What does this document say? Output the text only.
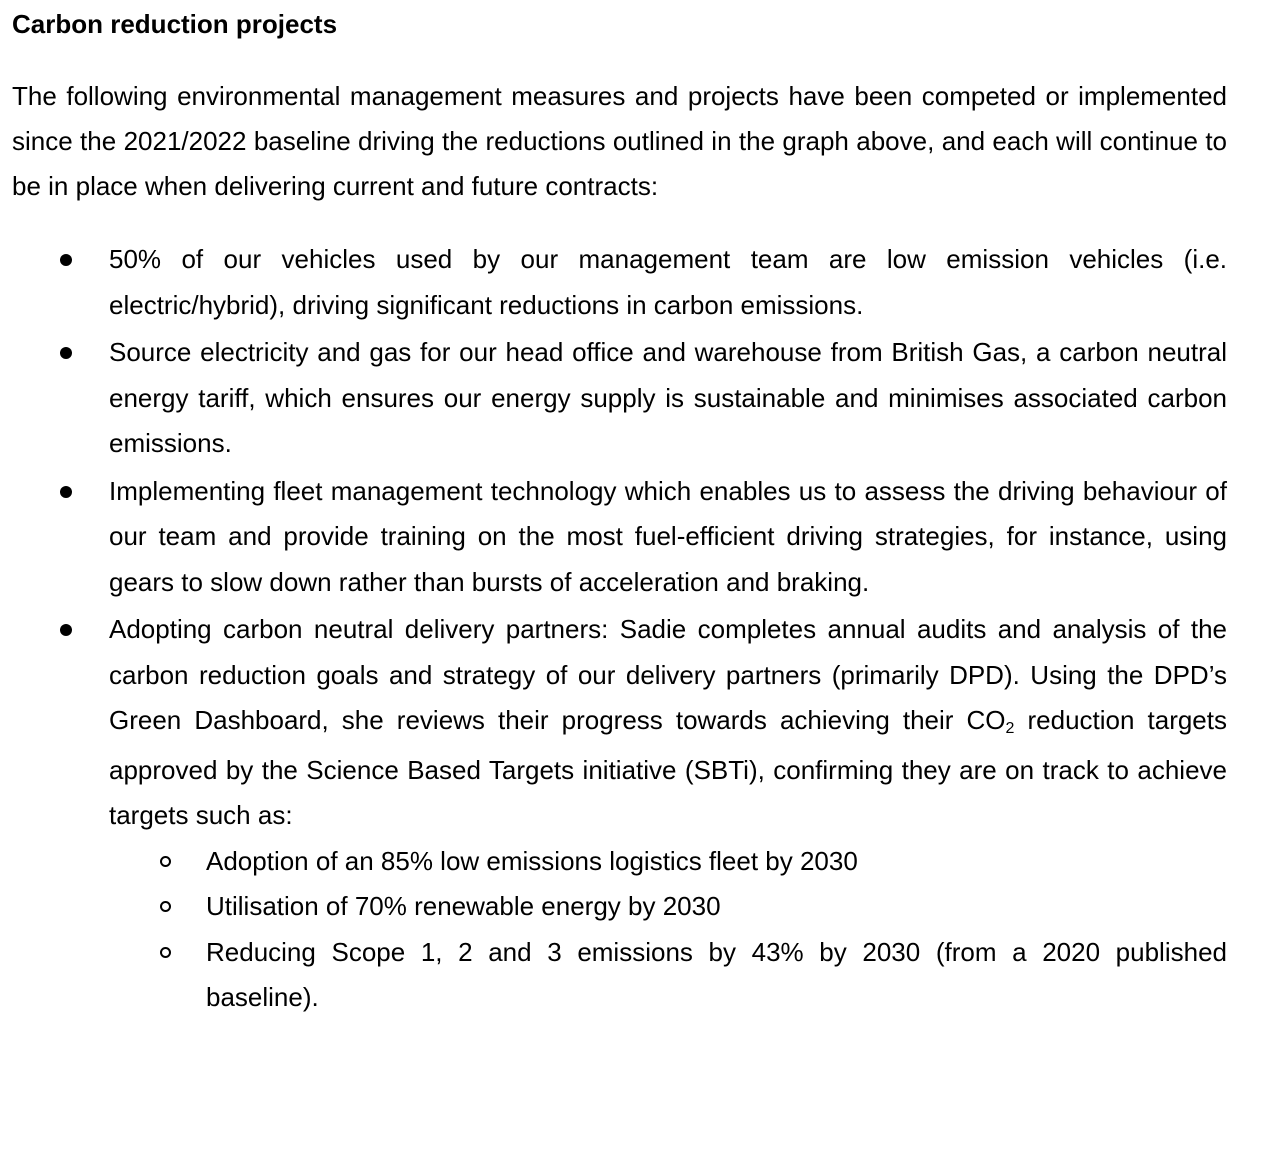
Carbon reduction projects

The following environmental management measures and projects have been competed or implemented since the 2021/2022 baseline driving the reductions outlined in the graph above, and each will continue to be in place when delivering current and future contracts:

50% of our vehicles used by our management team are low emission vehicles (i.e. electric/hybrid), driving significant reductions in carbon emissions.
Source electricity and gas for our head office and warehouse from British Gas, a carbon neutral energy tariff, which ensures our energy supply is sustainable and minimises associated carbon emissions.
Implementing fleet management technology which enables us to assess the driving behaviour of our team and provide training on the most fuel-efficient driving strategies, for instance, using gears to slow down rather than bursts of acceleration and braking.
Adopting carbon neutral delivery partners: Sadie completes annual audits and analysis of the carbon reduction goals and strategy of our delivery partners (primarily DPD). Using the DPD’s Green Dashboard, she reviews their progress towards achieving their $CO_2$ reduction targets approved by the Science Based Targets initiative (SBTi), confirming they are on track to achieve targets such as:
Adoption of an 85% low emissions logistics fleet by 2030
Utilisation of 70% renewable energy by 2030
Reducing Scope 1, 2 and 3 emissions by 43% by 2030 (from a 2020 published baseline).
